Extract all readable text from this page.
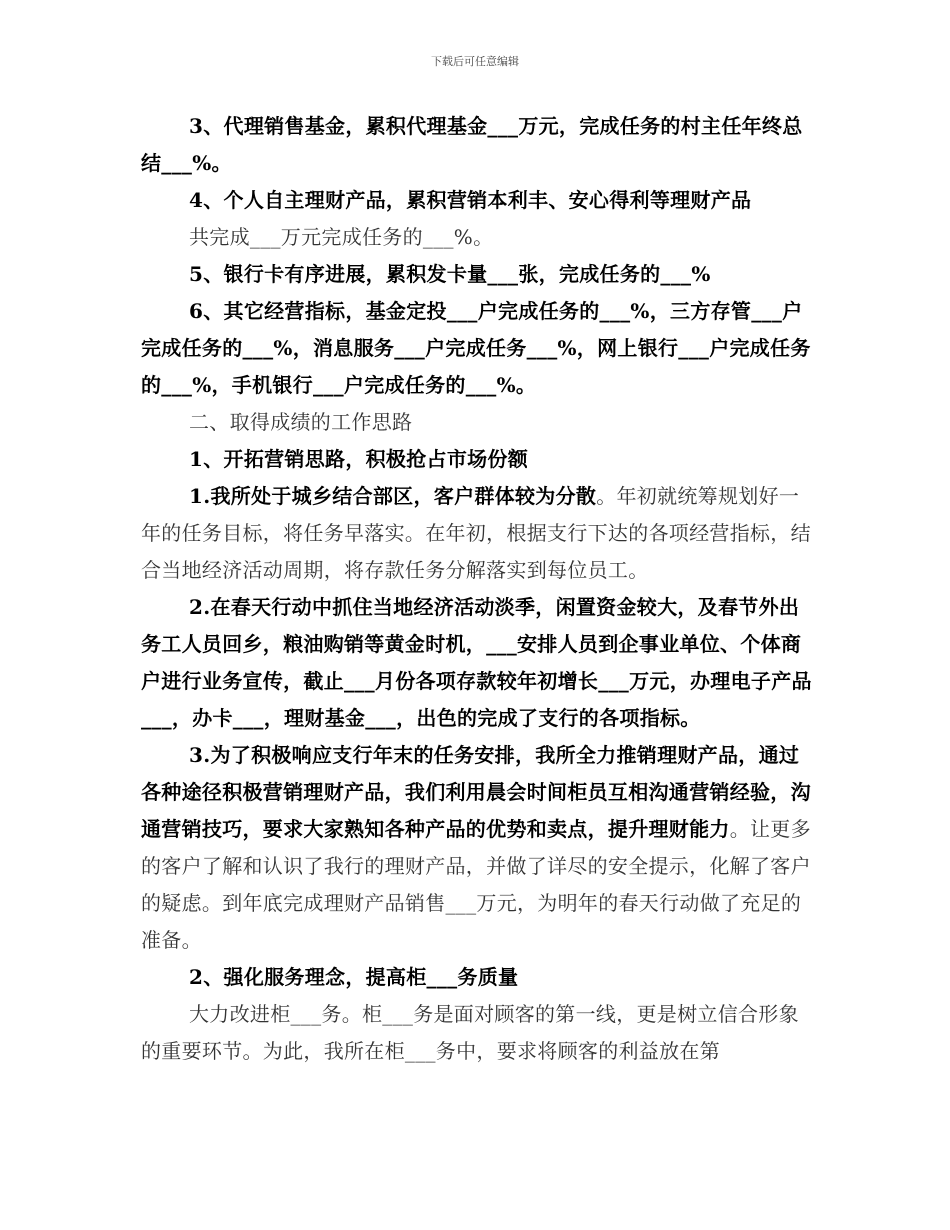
下载后可任意编辑

3、代理销售基金，累积代理基金___万元，完成任务的村主任年终总结___%。

4、个人自主理财产品，累积营销本利丰、安心得利等理财产品

共完成___万元完成任务的___%。

5、银行卡有序进展，累积发卡量___张，完成任务的___%

6、其它经营指标，基金定投___户完成任务的___%，三方存管___户完成任务的___%，消息服务___户完成任务___%，网上银行___户完成任务的___%，手机银行___户完成任务的___%。

二、取得成绩的工作思路

1、开拓营销思路，积极抢占市场份额

1.我所处于城乡结合部区，客户群体较为分散。年初就统筹规划好一年的任务目标，将任务早落实。在年初，根据支行下达的各项经营指标，结合当地经济活动周期，将存款任务分解落实到每位员工。

2.在春天行动中抓住当地经济活动淡季，闲置资金较大，及春节外出务工人员回乡，粮油购销等黄金时机，___安排人员到企事业单位、个体商户进行业务宣传，截止___月份各项存款较年初增长___万元，办理电子产品___，办卡___，理财基金___，出色的完成了支行的各项指标。

3.为了积极响应支行年末的任务安排，我所全力推销理财产品，通过各种途径积极营销理财产品，我们利用晨会时间柜员互相沟通营销经验，沟通营销技巧，要求大家熟知各种产品的优势和卖点，提升理财能力。让更多的客户了解和认识了我行的理财产品，并做了详尽的安全提示，化解了客户的疑虑。到年底完成理财产品销售___万元，为明年的春天行动做了充足的准备。

2、强化服务理念，提高柜___务质量

大力改进柜___务。柜___务是面对顾客的第一线，更是树立信合形象的重要环节。为此，我所在柜___务中，要求将顾客的利益放在第
